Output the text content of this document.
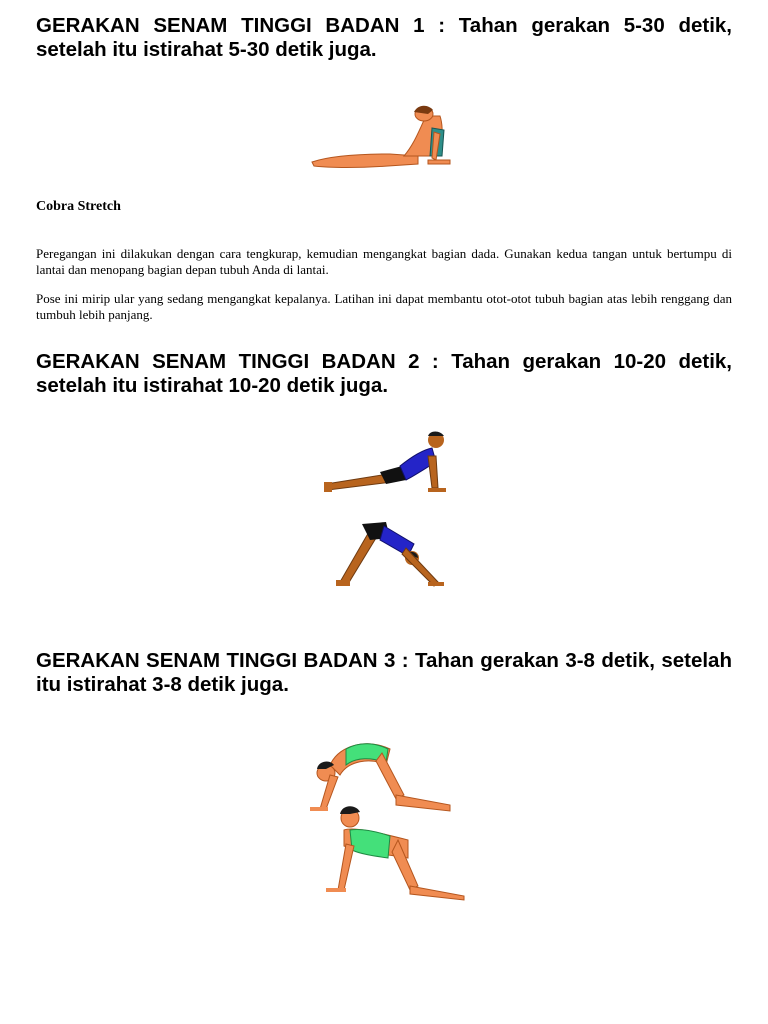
GERAKAN SENAM TINGGI BADAN 1 : Tahan gerakan 5-30 detik, setelah itu istirahat 5-30 detik juga.

Cobra Stretch

Peregangan ini dilakukan dengan cara tengkurap, kemudian mengangkat bagian dada. Gunakan kedua tangan untuk bertumpu di lantai dan menopang bagian depan tubuh Anda di lantai.

Pose ini mirip ular yang sedang mengangkat kepalanya. Latihan ini dapat membantu otot-otot tubuh bagian atas lebih renggang dan tumbuh lebih panjang.

GERAKAN SENAM TINGGI BADAN 2 : Tahan gerakan 10-20 detik, setelah itu istirahat 10-20 detik juga.
GERAKAN SENAM TINGGI BADAN 3 : Tahan gerakan 3-8 detik, setelah itu istirahat 3-8 detik juga.
